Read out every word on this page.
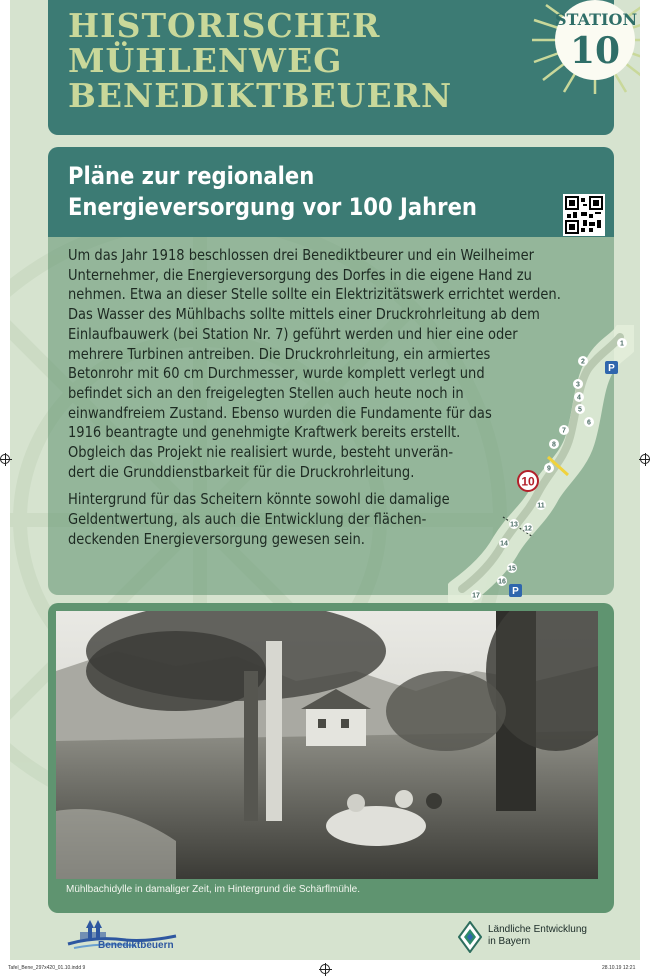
HISTORISCHER
MÜHLENWEG
BENEDIKTBEUERN
STATION
10
Pläne zur regionalen
Energieversorgung vor 100 Jahren
Um das Jahr 1918 beschlossen drei Benediktbeurer und ein Weilheimer
Unternehmer, die Energieversorgung des Dorfes in die eigene Hand zu
nehmen. Etwa an dieser Stelle sollte ein Elektrizitätswerk errichtet werden.
Das Wasser des Mühlbachs sollte mittels einer Druckrohrleitung ab dem
Einlaufbauwerk (bei Station Nr. 7) geführt werden und hier eine oder
mehrere Turbinen antreiben. Die Druckrohrleitung, ein armiertes
Betonrohr mit 60 cm Durchmesser, wurde komplett verlegt und
befindet sich an den freigelegten Stellen auch heute noch in
einwandfreiem Zustand. Ebenso wurden die Fundamente für das
1916 beantragte und genehmigte Kraftwerk bereits erstellt.
Obgleich das Projekt nie realisiert wurde, besteht unverän-
dert die Grunddienstbarkeit für die Druckrohrleitung.
Hintergrund für das Scheitern könnte sowohl die damalige
Geldentwertung, als auch die Entwicklung der flächen-
deckenden Energieversorgung gewesen sein.
1
2
3
4
5
6
7
8
9
11
12
13
14
15
16
17
10
P
P
Mühlbachidylle in damaliger Zeit, im Hintergrund die Schärflmühle.
Benediktbeuern
Ländliche Entwicklung
in Bayern
Tafel_Bene_297x420_01.10.indd 9	28.10.19 12:21
